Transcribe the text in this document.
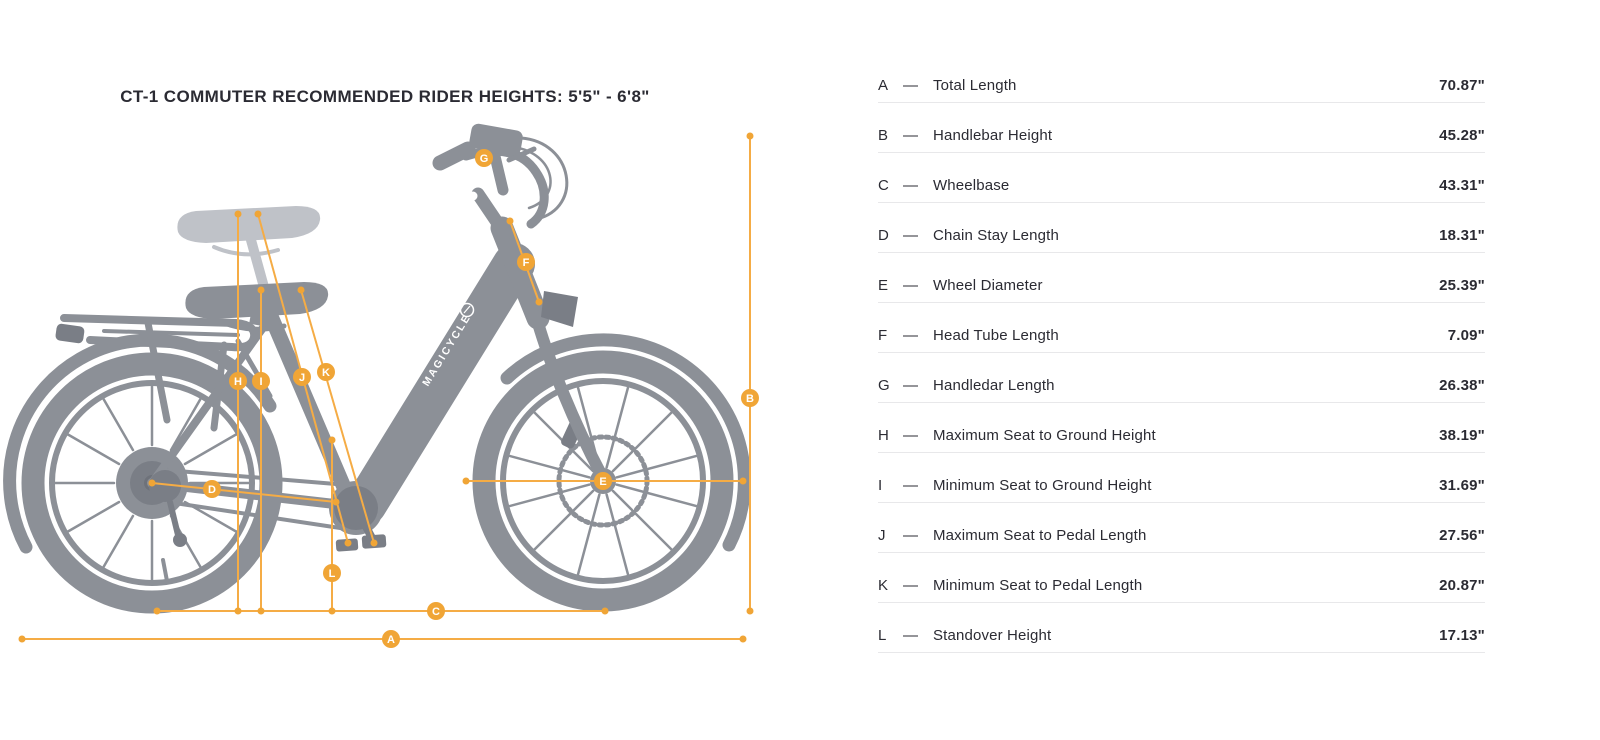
CT-1 COMMUTER RECOMMENDED RIDER HEIGHTS: 5'5" - 6'8"
MAGICYCLE
A
B
C
D
E
F
G
H I	J K
L
A —	Total Length	70.87"
B —	Handlebar Height	45.28"
C —	Wheelbase	43.31"
D —	Chain Stay Length	18.31"
E —	Wheel Diameter	25.39"
F	—	Head Tube Length	7.09"
G —	Handledar Length	26.38"
H —	Maximum Seat to Ground Height	38.19"
I	—	Minimum Seat to Ground Height	31.69"
J	—	Maximum Seat to Pedal Length	27.56"
K —	Minimum Seat to Pedal Length	20.87"
L	—	Standover Height	17.13"
